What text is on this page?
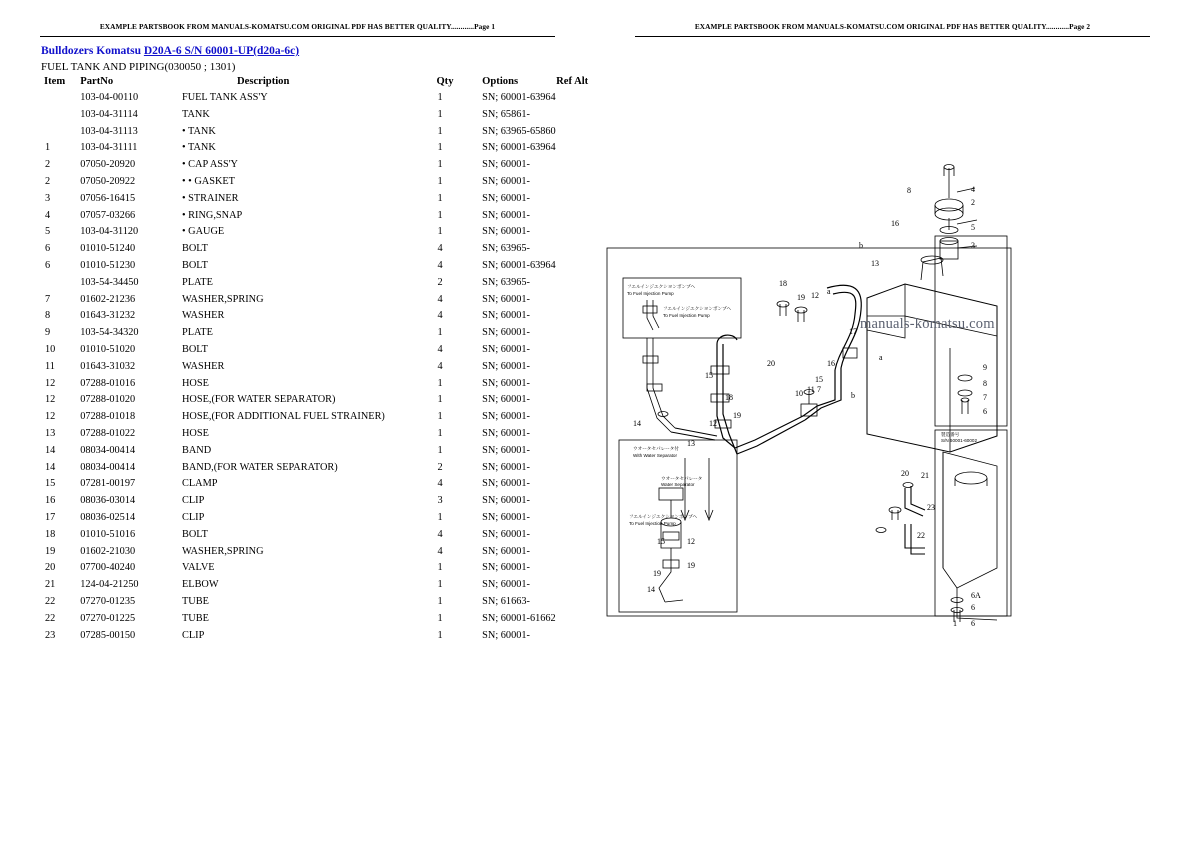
EXAMPLE PARTSBOOK FROM MANUALS-KOMATSU.COM ORIGINAL PDF HAS BETTER QUALITY............Page 1
Bulldozers Komatsu D20A-6 S/N 60001-UP(d20a-6c)
FUEL TANK AND PIPING(030050 ; 1301)
Item	PartNo	Description	Qty	Options	Ref Alt
	103-04-00110	FUEL TANK ASS'Y	1	SN; 60001-63964	
	103-04-31114	TANK	1	SN; 65861-	
	103-04-31113	• TANK	1	SN; 63965-65860	
1	103-04-31111	• TANK	1	SN; 60001-63964	
2	07050-20920	• CAP ASS'Y	1	SN; 60001-	
2	07050-20922	• • GASKET	1	SN; 60001-	
3	07056-16415	• STRAINER	1	SN; 60001-	
4	07057-03266	• RING,SNAP	1	SN; 60001-	
5	103-04-31120	• GAUGE	1	SN; 60001-	
6	01010-51240	BOLT	4	SN; 63965-	
6	01010-51230	BOLT	4	SN; 60001-63964	
	103-54-34450	PLATE	2	SN; 63965-	
7	01602-21236	WASHER,SPRING	4	SN; 60001-	
8	01643-31232	WASHER	4	SN; 60001-	
9	103-54-34320	PLATE	1	SN; 60001-	
10	01010-51020	BOLT	4	SN; 60001-	
11	01643-31032	WASHER	4	SN; 60001-	
12	07288-01016	HOSE	1	SN; 60001-	
12	07288-01020	HOSE,(FOR WATER SEPARATOR)	1	SN; 60001-	
12	07288-01018	HOSE,(FOR ADDITIONAL FUEL STRAINER)	1	SN; 60001-	
13	07288-01022	HOSE	1	SN; 60001-	
14	08034-00414	BAND	1	SN; 60001-	
14	08034-00414	BAND,(FOR WATER SEPARATOR)	2	SN; 60001-	
15	07281-00197	CLAMP	4	SN; 60001-	
16	08036-03014	CLIP	3	SN; 60001-	
17	08036-02514	CLIP	1	SN; 60001-	
18	01010-51016	BOLT	4	SN; 60001-	
19	01602-21030	WASHER,SPRING	4	SN; 60001-	
20	07700-40240	VALVE	1	SN; 60001-	
21	124-04-21250	ELBOW	1	SN; 60001-	
22	07270-01235	TUBE	1	SN; 61663-	
22	07270-01225	TUBE	1	SN; 60001-61662	
23	07285-00150	CLIP	1	SN; 60001-	
EXAMPLE PARTSBOOK FROM MANUALS-KOMATSU.COM ORIGINAL PDF HAS BETTER QUALITY............Page 2
フエルインジエクシヨンポンプヘ
To Fuel Injection Pump
フエルインジエクシヨンポンプヘ
To Fuel Injection Pump
ウオータセパレータ付
With Water Separator
ウオータセパレータ
Water Separator
フエルインジエクシヨンポンプヘ
To Fuel Injection Pump
製造番号
S/N 60001-60002
2
5
3
4
8
16
13
b
18
19 12 a
17
16
15
10 11 7
b
a
15
18
19
12
14
13
20
21
20
23
22
9
8
7
6
6A
6
1 6
15	12
19
19
14
manuals-komatsu.com
